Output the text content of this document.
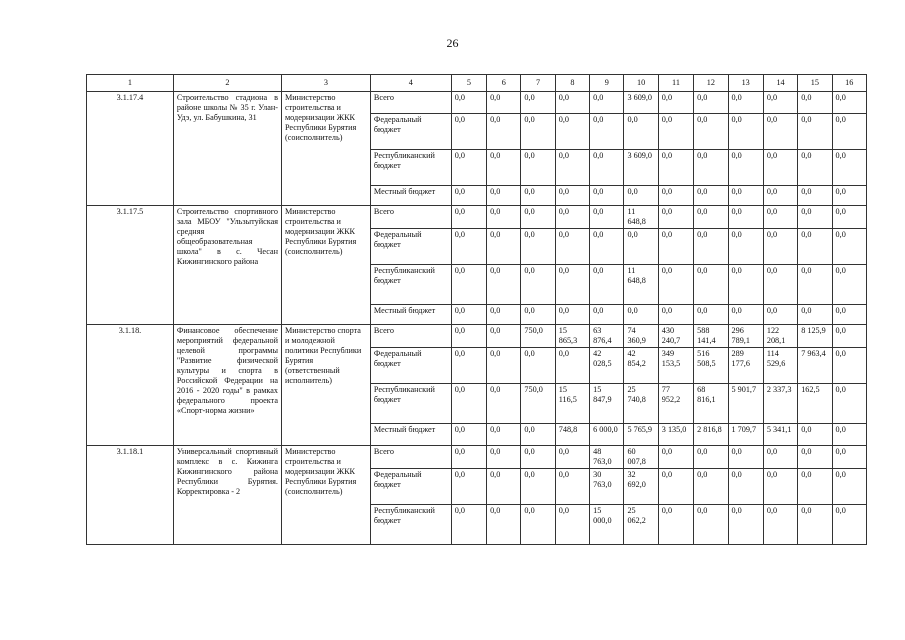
26
1	2	3	4	5	6	7	8	9	10	11	12	13	14	15	16
3.1.17.4	Строительство стадиона в районе школы № 35 г. Улан-Удэ, ул. Бабушкина, 31	Министерство строительства и модернизации ЖКК Республики Бурятия (соисполнитель)	Всего	0,0	0,0	0,0	0,0	0,0	3 609,0	0,0	0,0	0,0	0,0	0,0	0,0
			Федеральный бюджет	0,0	0,0	0,0	0,0	0,0	0,0	0,0	0,0	0,0	0,0	0,0	0,0
			Республиканский бюджет	0,0	0,0	0,0	0,0	0,0	3 609,0	0,0	0,0	0,0	0,0	0,0	0,0
			Местный бюджет	0,0	0,0	0,0	0,0	0,0	0,0	0,0	0,0	0,0	0,0	0,0	0,0
3.1.17.5	Строительство спортивного зала МБОУ "Ульзытуйская средняя общеобразовательная школа" в с. Чесан Кижингинского района	Министерство строительства и модернизации ЖКК Республики Бурятия (соисполнитель)	Всего	0,0	0,0	0,0	0,0	0,0	11 648,8	0,0	0,0	0,0	0,0	0,0	0,0
			Федеральный бюджет	0,0	0,0	0,0	0,0	0,0	0,0	0,0	0,0	0,0	0,0	0,0	0,0
			Республиканский бюджет	0,0	0,0	0,0	0,0	0,0	11 648,8	0,0	0,0	0,0	0,0	0,0	0,0
			Местный бюджет	0,0	0,0	0,0	0,0	0,0	0,0	0,0	0,0	0,0	0,0	0,0	0,0
3.1.18.	Финансовое обеспечение мероприятий федеральной целевой программы "Развитие физической культуры и спорта в Российской Федерации на 2016 - 2020 годы" в рамках федерального проекта «Спорт-норма жизни»	Министерство спорта и молодежной политики Республики Бурятия (ответственный исполнитель)	Всего	0,0	0,0	750,0	15 865,3	63 876,4	74 360,9	430 240,7	588 141,4	296 789,1	122 208,1	8 125,9	0,0
			Федеральный бюджет	0,0	0,0	0,0	0,0	42 028,5	42 854,2	349 153,5	516 508,5	289 177,6	114 529,6	7 963,4	0,0
			Республиканский бюджет	0,0	0,0	750,0	15 116,5	15 847,9	25 740,8	77 952,2	68 816,1	5 901,7	2 337,3	162,5	0,0
			Местный бюджет	0,0	0,0	0,0	748,8	6 000,0	5 765,9	3 135,0	2 816,8	1 709,7	5 341,1	0,0	0,0
3.1.18.1	Универсальный спортивный комплекс в с. Кижинга Кижингинского района Республики Бурятия. Корректировка - 2	Министерство строительства и модернизации ЖКК Республики Бурятия (соисполнитель)	Всего	0,0	0,0	0,0	0,0	48 763,0	60 007,8	0,0	0,0	0,0	0,0	0,0	0,0
			Федеральный бюджет	0,0	0,0	0,0	0,0	30 763,0	32 692,0	0,0	0,0	0,0	0,0	0,0	0,0
			Республиканский бюджет	0,0	0,0	0,0	0,0	15 000,0	25 062,2	0,0	0,0	0,0	0,0	0,0	0,0
